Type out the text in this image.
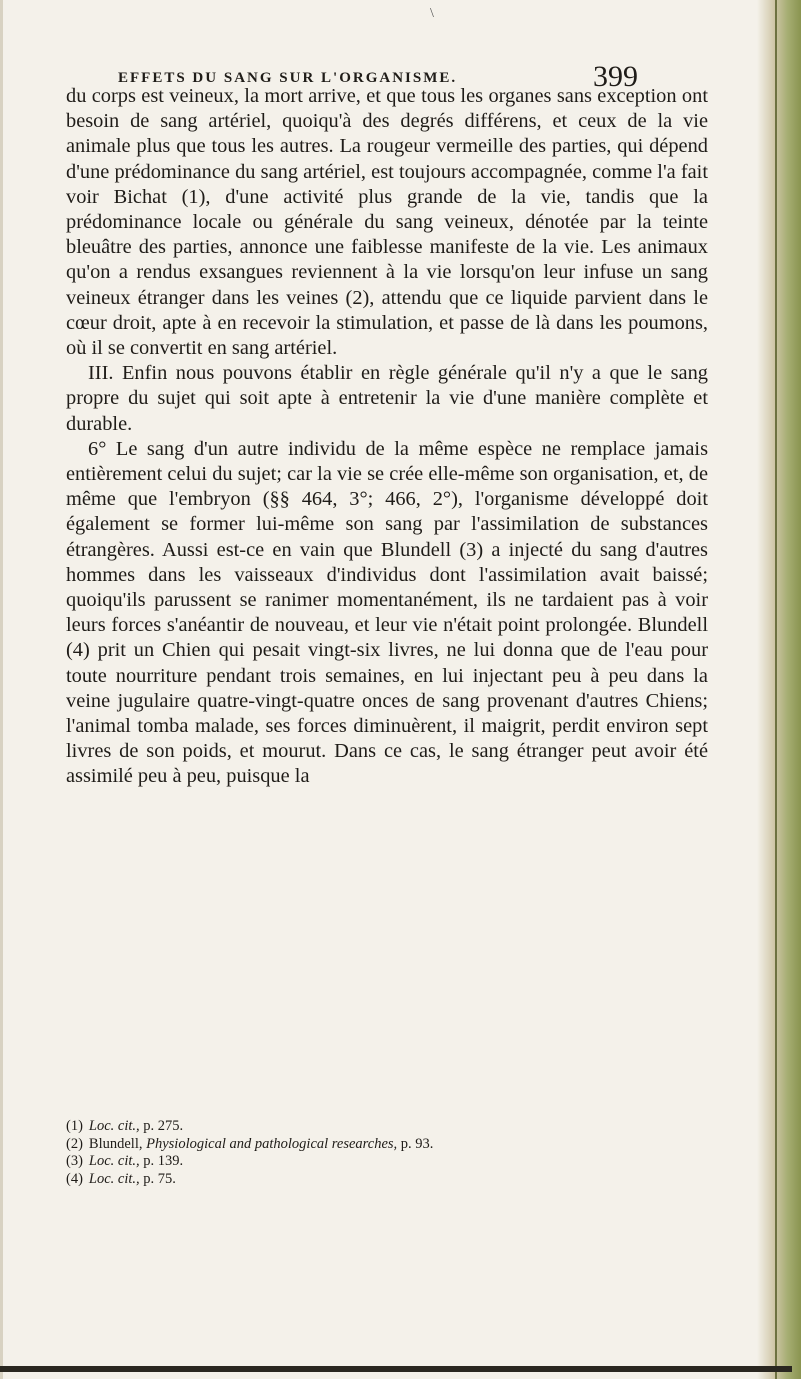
\
EFFETS DU SANG SUR L'ORGANISME.	399

du corps est veineux, la mort arrive, et que tous les organes sans exception ont besoin de sang artériel, quoiqu'à des degrés différens, et ceux de la vie animale plus que tous les autres. La rougeur vermeille des parties, qui dépend d'une prédominance du sang artériel, est toujours accompagnée, comme l'a fait voir Bichat (1), d'une activité plus grande de la vie, tandis que la prédominance locale ou générale du sang veineux, dénotée par la teinte bleuâtre des parties, annonce une faiblesse manifeste de la vie. Les animaux qu'on a rendus exsangues reviennent à la vie lorsqu'on leur infuse un sang veineux étranger dans les veines (2), attendu que ce liquide parvient dans le cœur droit, apte à en recevoir la stimulation, et passe de là dans les poumons, où il se convertit en sang artériel.

III. Enfin nous pouvons établir en règle générale qu'il n'y a que le sang propre du sujet qui soit apte à entretenir la vie d'une manière complète et durable.

6° Le sang d'un autre individu de la même espèce ne remplace jamais entièrement celui du sujet; car la vie se crée elle-même son organisation, et, de même que l'embryon (§§ 464, 3°; 466, 2°), l'organisme développé doit également se former lui-même son sang par l'assimilation de substances étrangères. Aussi est-ce en vain que Blundell (3) a injecté du sang d'autres hommes dans les vaisseaux d'individus dont l'assimilation avait baissé; quoiqu'ils parussent se ranimer momentanément, ils ne tardaient pas à voir leurs forces s'anéantir de nouveau, et leur vie n'était point prolongée. Blundell (4) prit un Chien qui pesait vingt-six livres, ne lui donna que de l'eau pour toute nourriture pendant trois semaines, en lui injectant peu à peu dans la veine jugulaire quatre-vingt-quatre onces de sang provenant d'autres Chiens; l'animal tomba malade, ses forces diminuèrent, il maigrit, perdit environ sept livres de son poids, et mourut. Dans ce cas, le sang étranger peut avoir été assimilé peu à peu, puisque la

(1) Loc. cit., p. 275.
(2) Blundell, Physiological and pathological researches, p. 93.
(3) Loc. cit., p. 139.
(4) Loc. cit., p. 75.
